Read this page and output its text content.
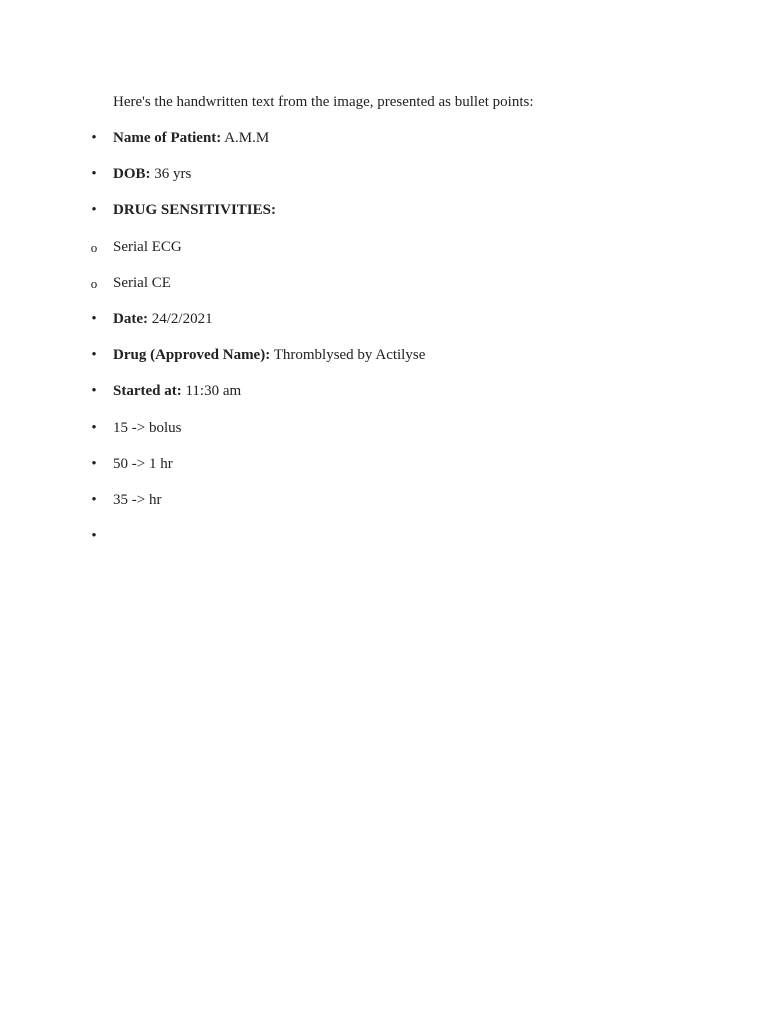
Here's the handwritten text from the image, presented as bullet points:

• Name of Patient: A.M.M
• DOB: 36 yrs
• DRUG SENSITIVITIES:
o Serial ECG
o Serial CE
• Date: 24/2/2021
• Drug (Approved Name): Thromblysed by Actilyse
• Started at: 11:30 am
• 15 -> bolus
• 50 -> 1 hr
• 35 -> hr
•
